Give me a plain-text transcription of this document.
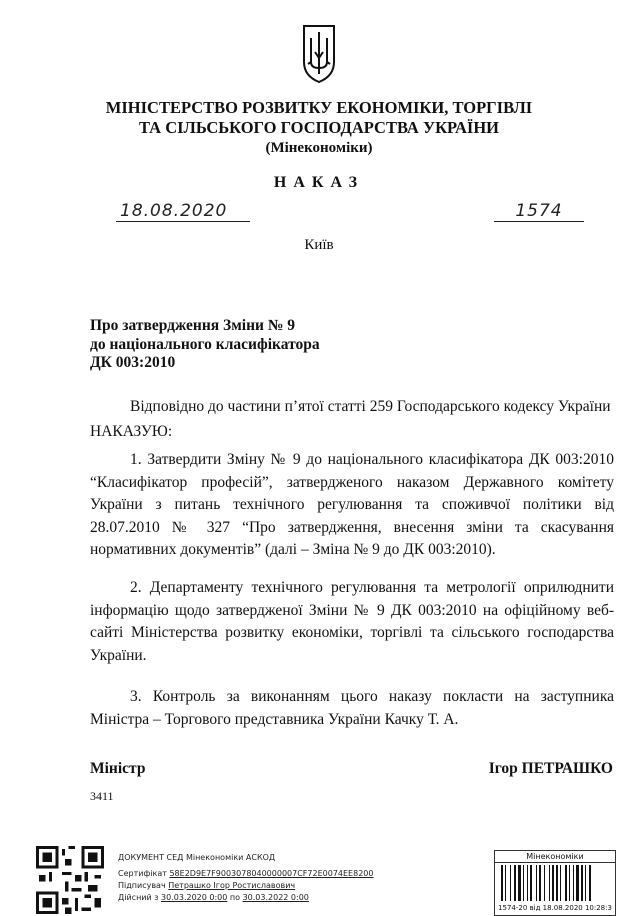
МІНІСТЕРСТВО РОЗВИТКУ ЕКОНОМІКИ, ТОРГІВЛІ
ТА СІЛЬСЬКОГО ГОСПОДАРСТВА УКРАЇНИ
(Мінекономіки)
НАКАЗ
18.08.2020	1574
Київ
Про затвердження Зміни № 9
до національного класифікатора
ДК 003:2010
Відповідно до частини п’ятої статті 259 Господарського кодексу України
НАКАЗУЮ:
1. Затвердити Зміну № 9 до національного класифікатора ДК 003:2010 “Класифікатор професій”, затвердженого наказом Державного комітету України з питань технічного регулювання та споживчої політики від 28.07.2010 № 327 “Про затвердження, внесення зміни та скасування нормативних документів” (далі – Зміна № 9 до ДК 003:2010).
2. Департаменту технічного регулювання та метрології оприлюднити інформацію щодо затвердженої Зміни № 9 ДК 003:2010 на офіційному веб-сайті Міністерства розвитку економіки, торгівлі та сільського господарства України.
3. Контроль за виконанням цього наказу покласти на заступника Міністра – Торгового представника України Качку Т. А.
Міністр	Ігор ПЕТРАШКО
3411
ДОКУМЕНТ СЕД Мінекономіки АСКОД
Сертифікат 58E2D9E7F9003078040000007CF72E0074EE8200
Підписувач Петрашко Ігор Ростиславович
Дійсний з 30.03.2020 0:00 по 30.03.2022 0:00
Мінекономіки
1574-20 від 18.08.2020 10:28:3
